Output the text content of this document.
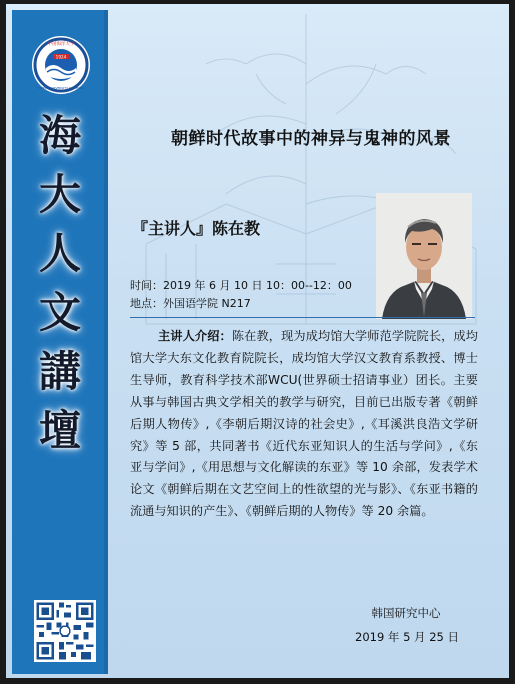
1924
中国海洋大学
OCEAN UNIVERSITY OF CHINA
海
大
人
文
講
壇
朝鲜时代故事中的神异与鬼神的风景
『主讲人』陈在教
时间：2019 年 6 月 10 日 10：00--12：00
地点：外国语学院 N217
主讲人介绍：陈在教，现为成均馆大学师范学院院长，成均馆大学大东文化教育院院长，成均馆大学汉文教育系教授、博士生导师，教育科学技术部WCU(世界硕士招请事业）团长。主要从事与韩国古典文学相关的教学与研究，目前已出版专著《朝鲜后期人物传》,《李朝后期汉诗的社会史》,《耳溪洪良浩文学研究》等 5 部，共同著书《近代东亚知识人的生活与学问》,《东亚与学问》,《用思想与文化解读的东亚》等 10 余部，发表学术论文《朝鲜后期在文艺空间上的性欲望的光与影》、《东亚书籍的流通与知识的产生》、《朝鲜后期的人物传》等 20 余篇。
韩国研究中心
2019 年 5 月 25 日
